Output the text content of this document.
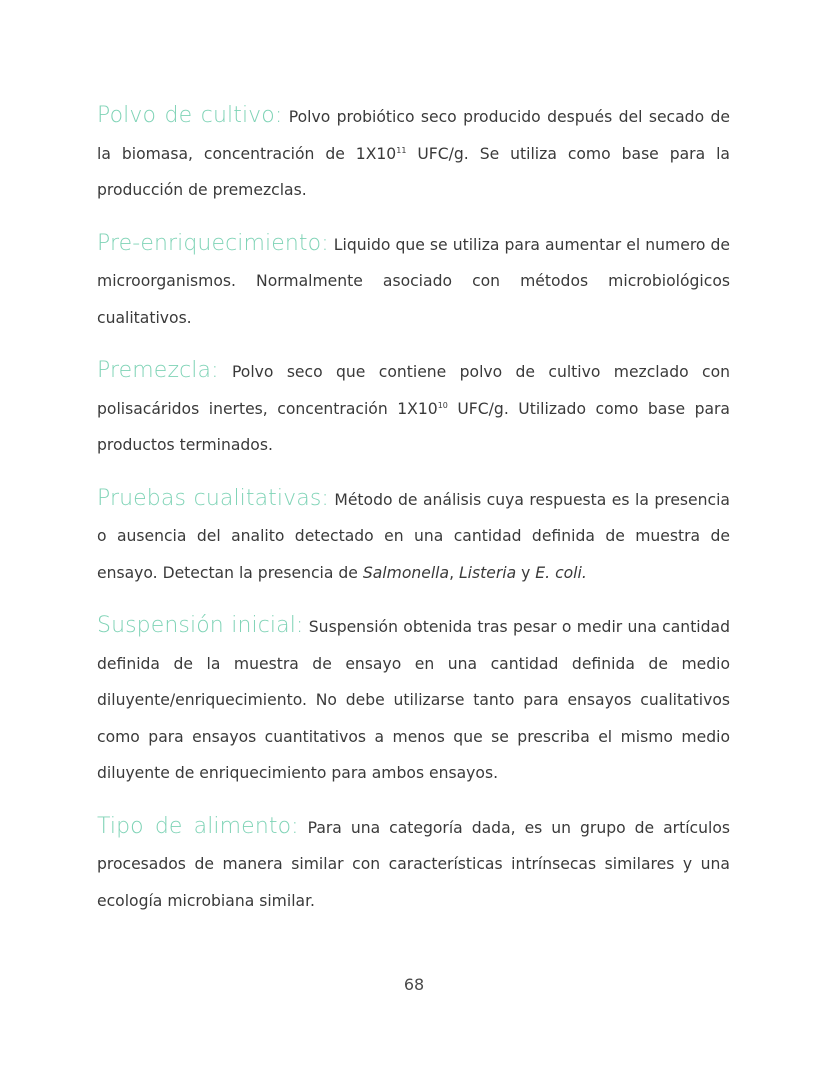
Polvo de cultivo: Polvo probiótico seco producido después del secado de la biomasa, concentración de $1X10^{11}$ UFC/g. Se utiliza como base para la producción de premezclas.

Pre-enriquecimiento: Liquido que se utiliza para aumentar el numero de microorganismos. Normalmente asociado con métodos microbiológicos cualitativos.

Premezcla: Polvo seco que contiene polvo de cultivo mezclado con polisacáridos inertes, concentración $1X10^{10}$ UFC/g. Utilizado como base para productos terminados.

Pruebas cualitativas: Método de análisis cuya respuesta es la presencia o ausencia del analito detectado en una cantidad definida de muestra de ensayo. Detectan la presencia de Salmonella, Listeria y E. coli.

Suspensión inicial: Suspensión obtenida tras pesar o medir una cantidad definida de la muestra de ensayo en una cantidad definida de medio diluyente/enriquecimiento. No debe utilizarse tanto para ensayos cualitativos como para ensayos cuantitativos a menos que se prescriba el mismo medio diluyente de enriquecimiento para ambos ensayos.

Tipo de alimento: Para una categoría dada, es un grupo de artículos procesados de manera similar con características intrínsecas similares y una ecología microbiana similar.

68
